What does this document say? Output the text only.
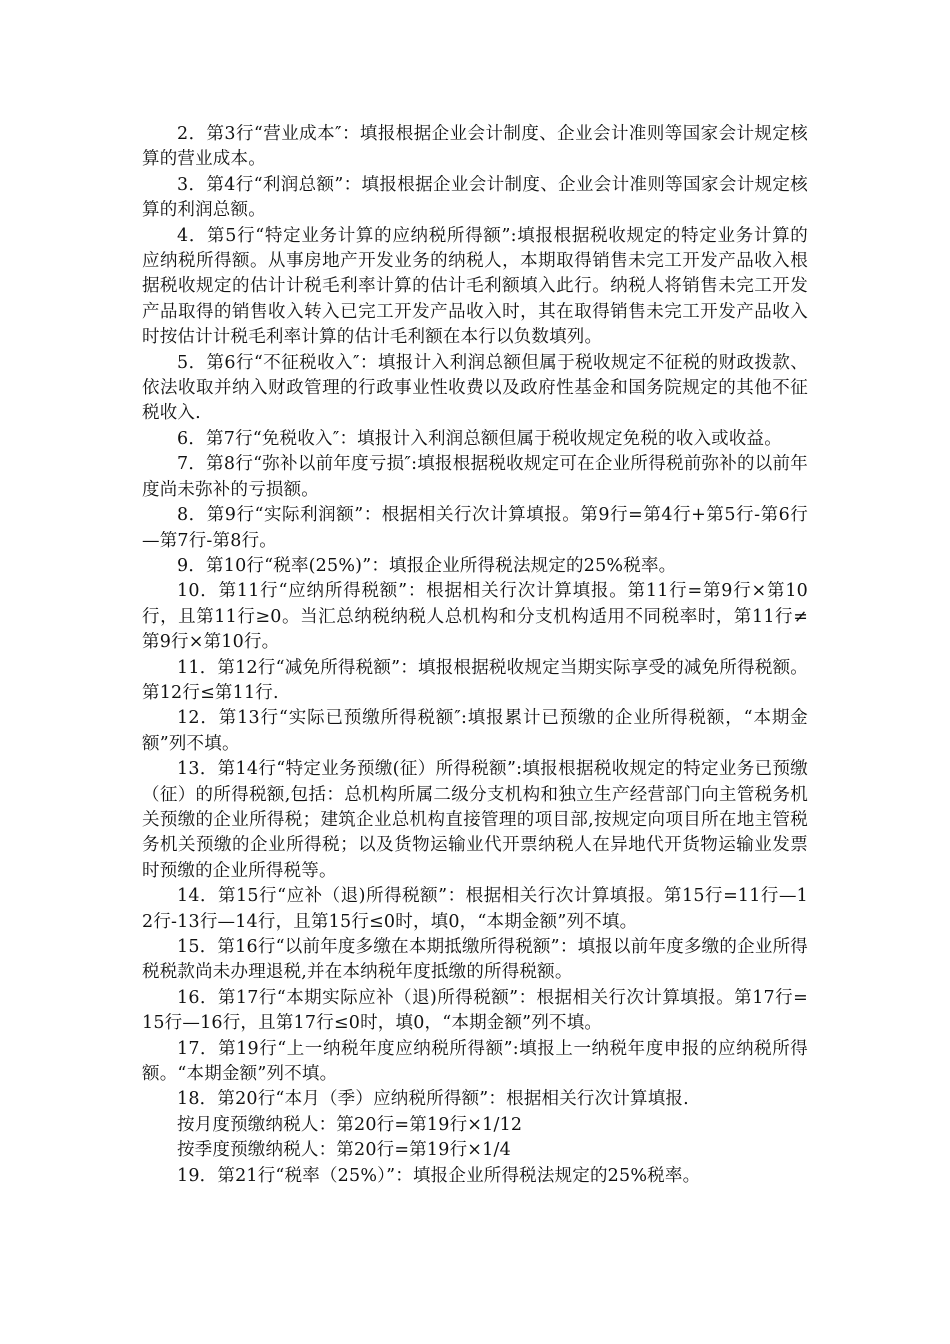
2．第3行“营业成本″：填报根据企业会计制度、企业会计准则等国家会计规定核算的营业成本。

3．第4行“利润总额”：填报根据企业会计制度、企业会计准则等国家会计规定核算的利润总额。

4．第5行“特定业务计算的应纳税所得额”:填报根据税收规定的特定业务计算的应纳税所得额。从事房地产开发业务的纳税人，本期取得销售未完工开发产品收入根据税收规定的估计计税毛利率计算的估计毛利额填入此行。纳税人将销售未完工开发产品取得的销售收入转入已完工开发产品收入时，其在取得销售未完工开发产品收入时按估计计税毛利率计算的估计毛利额在本行以负数填列。

5．第6行“不征税收入″：填报计入利润总额但属于税收规定不征税的财政拨款、依法收取并纳入财政管理的行政事业性收费以及政府性基金和国务院规定的其他不征税收入.

6．第7行“免税收入″：填报计入利润总额但属于税收规定免税的收入或收益。

7．第8行“弥补以前年度亏损″:填报根据税收规定可在企业所得税前弥补的以前年度尚未弥补的亏损额。

8．第9行“实际利润额”：根据相关行次计算填报。第9行=第4行+第5行-第6行—第7行-第8行。

9．第10行“税率(25%)”：填报企业所得税法规定的25%税率。

10．第11行“应纳所得税额”：根据相关行次计算填报。第11行=第9行×第10行，且第11行≥0。当汇总纳税纳税人总机构和分支机构适用不同税率时，第11行≠第9行×第10行。

11．第12行“减免所得税额”：填报根据税收规定当期实际享受的减免所得税额。第12行≤第11行.

12．第13行“实际已预缴所得税额″:填报累计已预缴的企业所得税额，“本期金额”列不填。

13．第14行“特定业务预缴(征）所得税额”:填报根据税收规定的特定业务已预缴（征）的所得税额,包括：总机构所属二级分支机构和独立生产经营部门向主管税务机关预缴的企业所得税；建筑企业总机构直接管理的项目部,按规定向项目所在地主管税务机关预缴的企业所得税；以及货物运输业代开票纳税人在异地代开货物运输业发票时预缴的企业所得税等。

14．第15行“应补（退)所得税额”：根据相关行次计算填报。第15行=11行—12行-13行—14行，且第15行≤0时，填0，“本期金额”列不填。

15．第16行“以前年度多缴在本期抵缴所得税额”：填报以前年度多缴的企业所得税税款尚未办理退税,并在本纳税年度抵缴的所得税额。

16．第17行“本期实际应补（退)所得税额”：根据相关行次计算填报。第17行=15行—16行，且第17行≤0时，填0，“本期金额”列不填。

17．第19行“上一纳税年度应纳税所得额”:填报上一纳税年度申报的应纳税所得额。“本期金额”列不填。

18．第20行“本月（季）应纳税所得额”：根据相关行次计算填报.

按月度预缴纳税人：第20行=第19行×1/12

按季度预缴纳税人：第20行=第19行×1/4

19．第21行“税率（25%）”：填报企业所得税法规定的25%税率。
